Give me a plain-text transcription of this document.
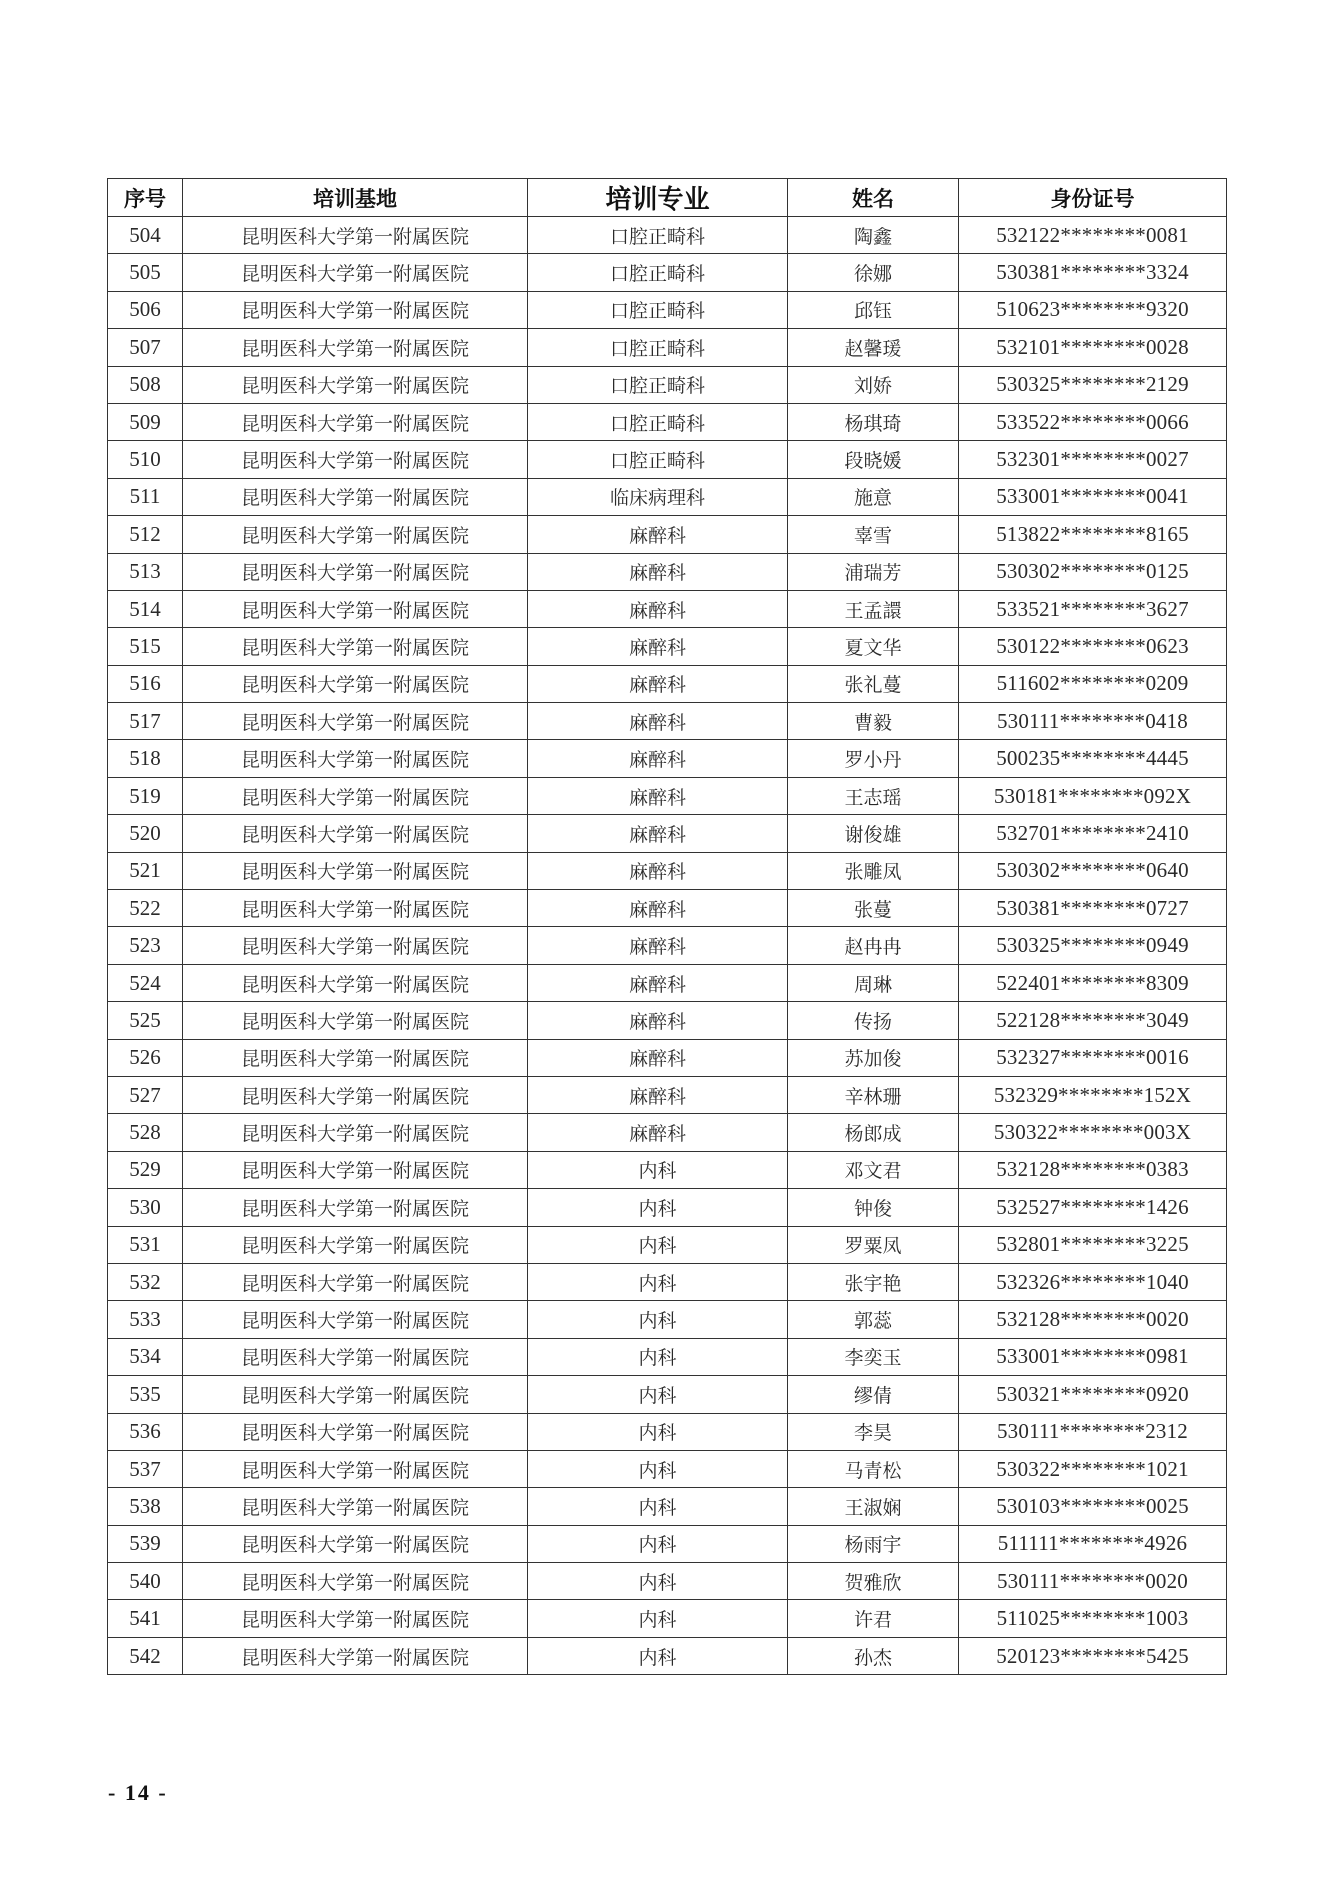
序号	培训基地	培训专业	姓名	身份证号
504	昆明医科大学第一附属医院	口腔正畸科	陶鑫	532122********0081
505	昆明医科大学第一附属医院	口腔正畸科	徐娜	530381********3324
506	昆明医科大学第一附属医院	口腔正畸科	邱钰	510623********9320
507	昆明医科大学第一附属医院	口腔正畸科	赵馨瑗	532101********0028
508	昆明医科大学第一附属医院	口腔正畸科	刘娇	530325********2129
509	昆明医科大学第一附属医院	口腔正畸科	杨琪琦	533522********0066
510	昆明医科大学第一附属医院	口腔正畸科	段晓媛	532301********0027
511	昆明医科大学第一附属医院	临床病理科	施意	533001********0041
512	昆明医科大学第一附属医院	麻醉科	辜雪	513822********8165
513	昆明医科大学第一附属医院	麻醉科	浦瑞芳	530302********0125
514	昆明医科大学第一附属医院	麻醉科	王孟譞	533521********3627
515	昆明医科大学第一附属医院	麻醉科	夏文华	530122********0623
516	昆明医科大学第一附属医院	麻醉科	张礼蔓	511602********0209
517	昆明医科大学第一附属医院	麻醉科	曹毅	530111********0418
518	昆明医科大学第一附属医院	麻醉科	罗小丹	500235********4445
519	昆明医科大学第一附属医院	麻醉科	王志瑶	530181********092X
520	昆明医科大学第一附属医院	麻醉科	谢俊雄	532701********2410
521	昆明医科大学第一附属医院	麻醉科	张雕凤	530302********0640
522	昆明医科大学第一附属医院	麻醉科	张蔓	530381********0727
523	昆明医科大学第一附属医院	麻醉科	赵冉冉	530325********0949
524	昆明医科大学第一附属医院	麻醉科	周琳	522401********8309
525	昆明医科大学第一附属医院	麻醉科	传扬	522128********3049
526	昆明医科大学第一附属医院	麻醉科	苏加俊	532327********0016
527	昆明医科大学第一附属医院	麻醉科	辛林珊	532329********152X
528	昆明医科大学第一附属医院	麻醉科	杨郎成	530322********003X
529	昆明医科大学第一附属医院	内科	邓文君	532128********0383
530	昆明医科大学第一附属医院	内科	钟俊	532527********1426
531	昆明医科大学第一附属医院	内科	罗粟凤	532801********3225
532	昆明医科大学第一附属医院	内科	张宇艳	532326********1040
533	昆明医科大学第一附属医院	内科	郭蕊	532128********0020
534	昆明医科大学第一附属医院	内科	李奕玉	533001********0981
535	昆明医科大学第一附属医院	内科	缪倩	530321********0920
536	昆明医科大学第一附属医院	内科	李昊	530111********2312
537	昆明医科大学第一附属医院	内科	马青松	530322********1021
538	昆明医科大学第一附属医院	内科	王淑娴	530103********0025
539	昆明医科大学第一附属医院	内科	杨雨宇	511111********4926
540	昆明医科大学第一附属医院	内科	贺雅欣	530111********0020
541	昆明医科大学第一附属医院	内科	许君	511025********1003
542	昆明医科大学第一附属医院	内科	孙杰	520123********5425
- 14 -
